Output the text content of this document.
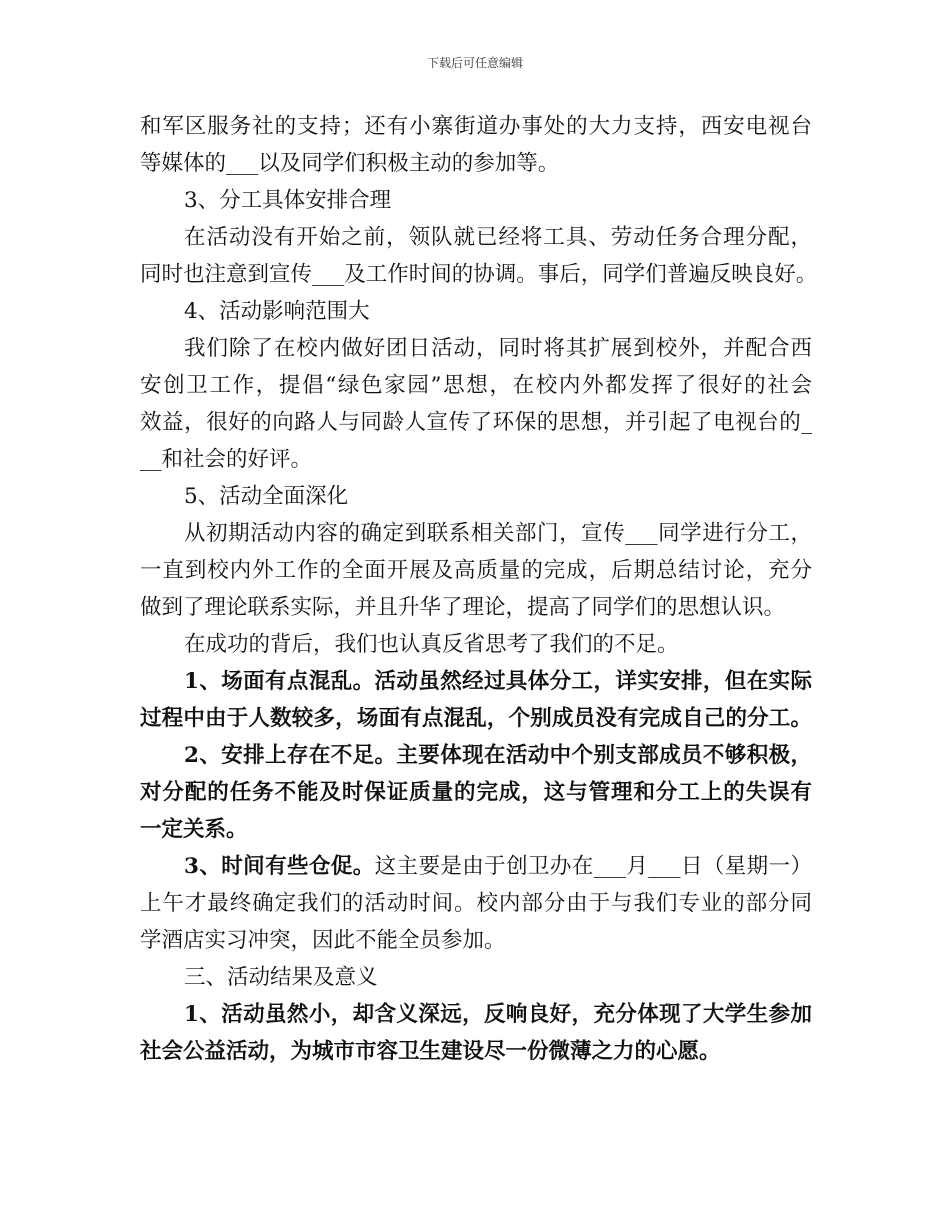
下载后可任意编辑
和军区服务社的支持；还有小寨街道办事处的大力支持，西安电视台
等媒体的___以及同学们积极主动的参加等。
3、分工具体安排合理
在活动没有开始之前，领队就已经将工具、劳动任务合理分配，
同时也注意到宣传___及工作时间的协调。事后，同学们普遍反映良好。
4、活动影响范围大
我们除了在校内做好团日活动，同时将其扩展到校外，并配合西
安创卫工作，提倡“绿色家园”思想，在校内外都发挥了很好的社会
效益，很好的向路人与同龄人宣传了环保的思想，并引起了电视台的_
__和社会的好评。
5、活动全面深化
从初期活动内容的确定到联系相关部门，宣传___同学进行分工，
一直到校内外工作的全面开展及高质量的完成，后期总结讨论，充分
做到了理论联系实际，并且升华了理论，提高了同学们的思想认识。
在成功的背后，我们也认真反省思考了我们的不足。
1、场面有点混乱。活动虽然经过具体分工，详实安排，但在实际
过程中由于人数较多，场面有点混乱，个别成员没有完成自己的分工。
2、安排上存在不足。主要体现在活动中个别支部成员不够积极，
对分配的任务不能及时保证质量的完成，这与管理和分工上的失误有
一定关系。
3、时间有些仓促。这主要是由于创卫办在___月___日（星期一）
上午才最终确定我们的活动时间。校内部分由于与我们专业的部分同
学酒店实习冲突，因此不能全员参加。
三、活动结果及意义
1、活动虽然小，却含义深远，反响良好，充分体现了大学生参加
社会公益活动，为城市市容卫生建设尽一份微薄之力的心愿。
